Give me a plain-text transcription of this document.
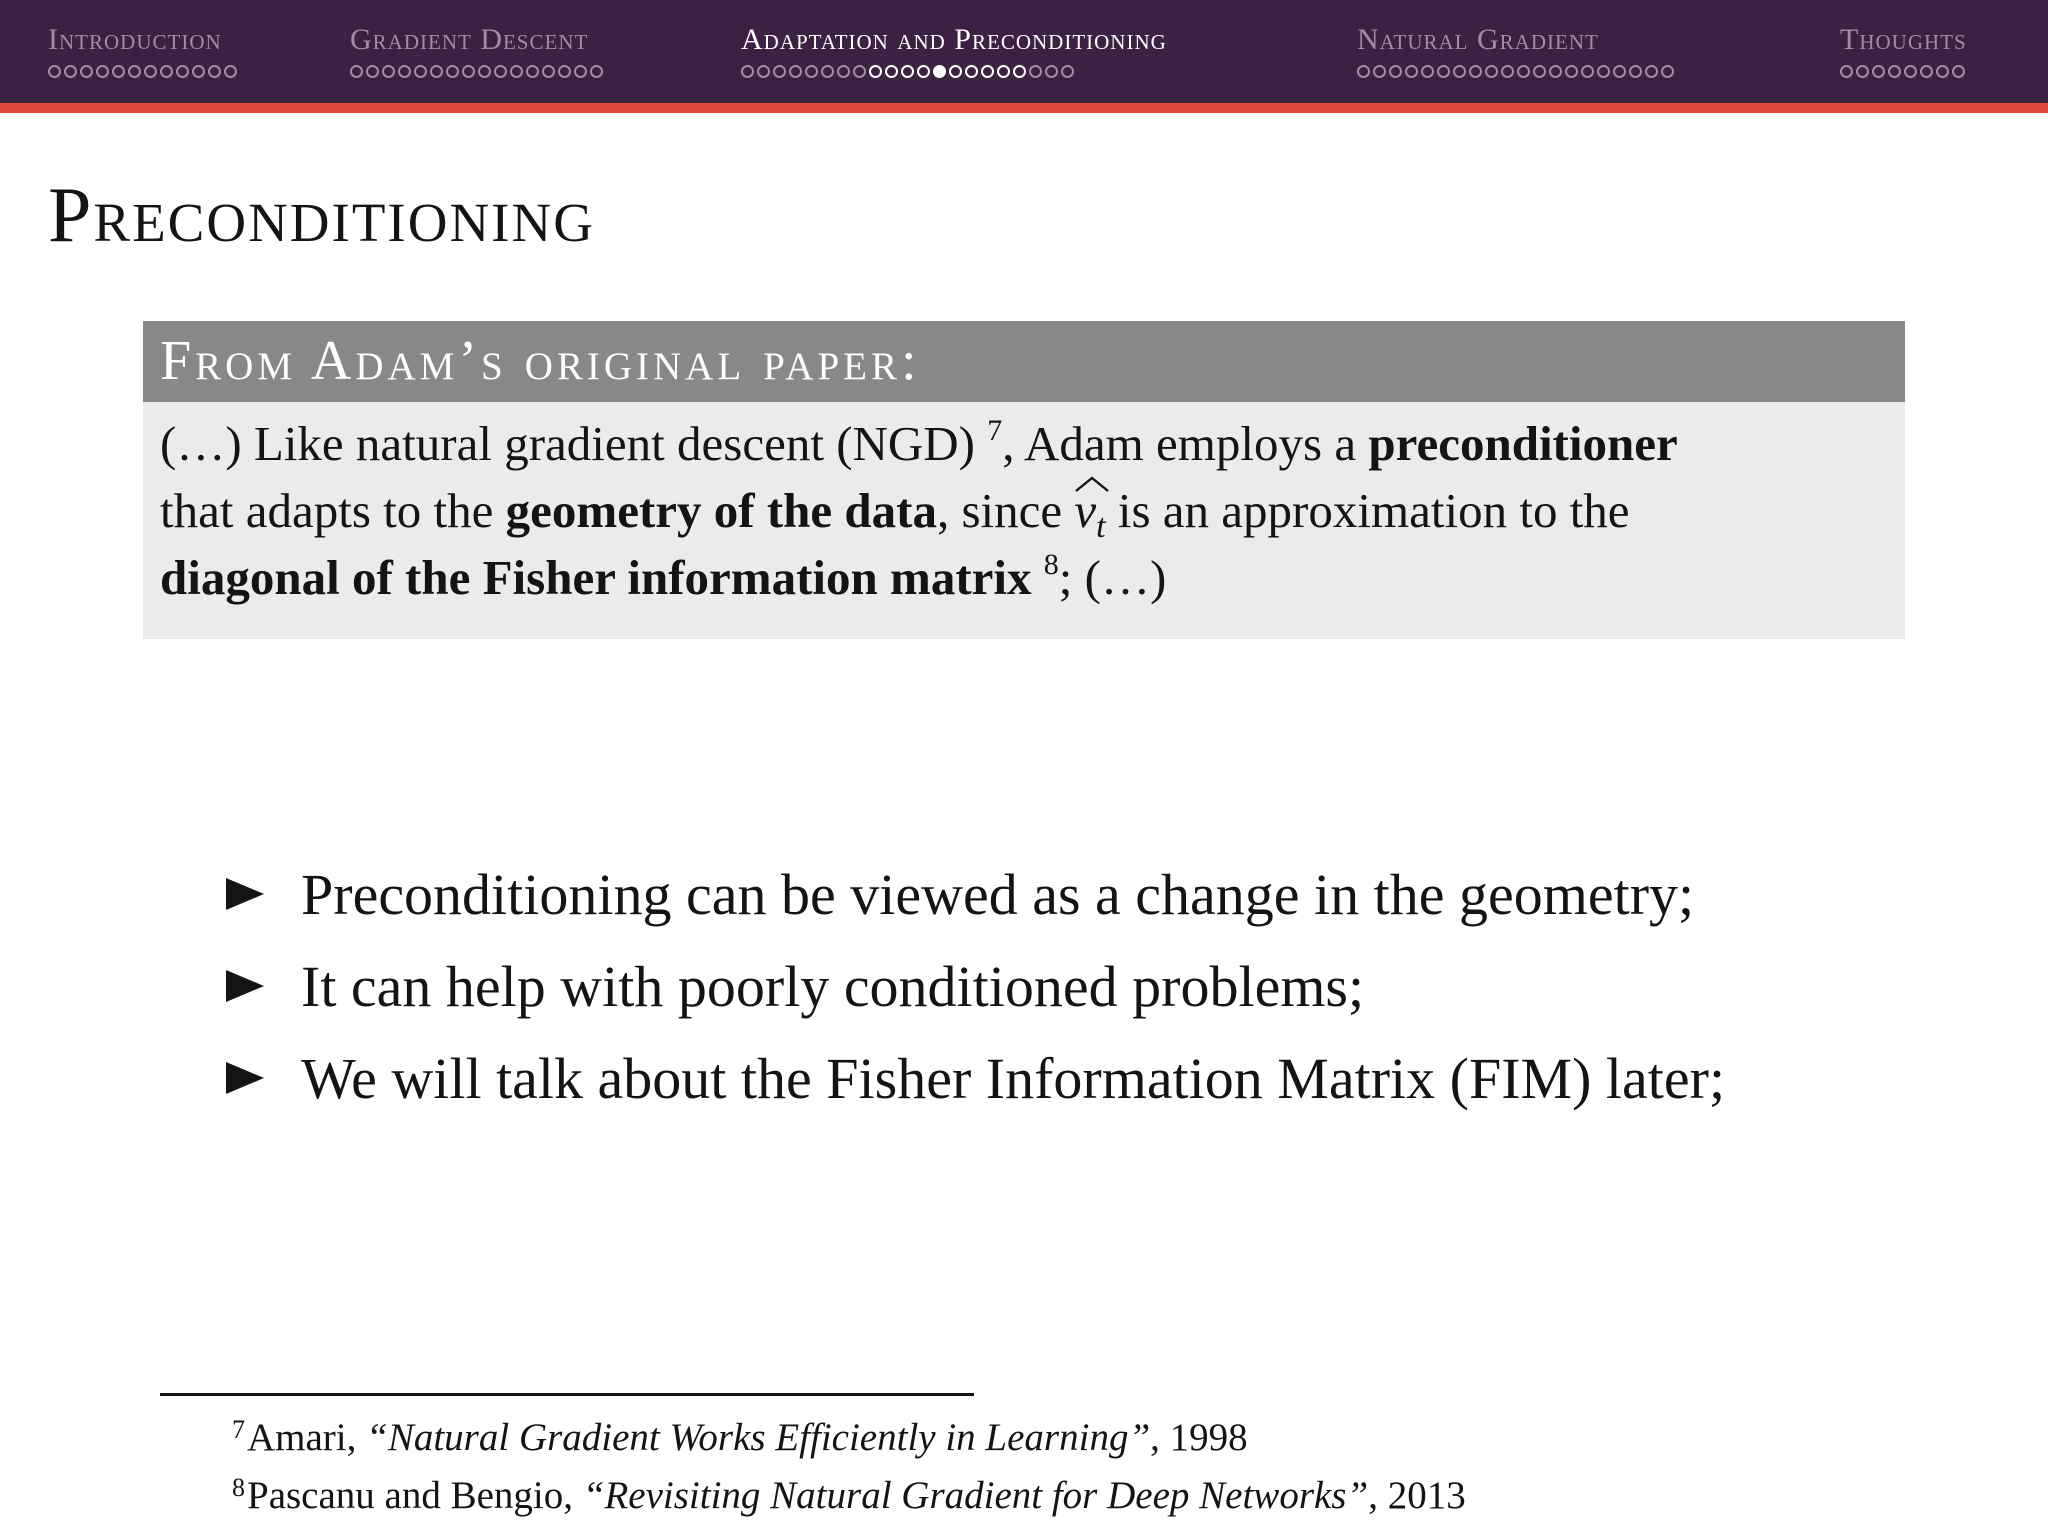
Introduction	Gradient Descent	Adaptation and Preconditioning	Natural Gradient	Thoughts
Preconditioning
From Adam’s original paper:
(…) Like natural gradient descent (NGD) $^7$, Adam employs a preconditioner
that adapts to the geometry of the data, since
$v_t$ is an approximation to the
diagonal of the Fisher information matrix $^8$; (…)
Preconditioning can be viewed as a change in the geometry;
It can help with poorly conditioned problems;
We will talk about the Fisher Information Matrix (FIM) later;

$^7$Amari, “Natural Gradient Works Efficiently in Learning”, 1998

$^8$Pascanu and Bengio, “Revisiting Natural Gradient for Deep Networks”, 2013
